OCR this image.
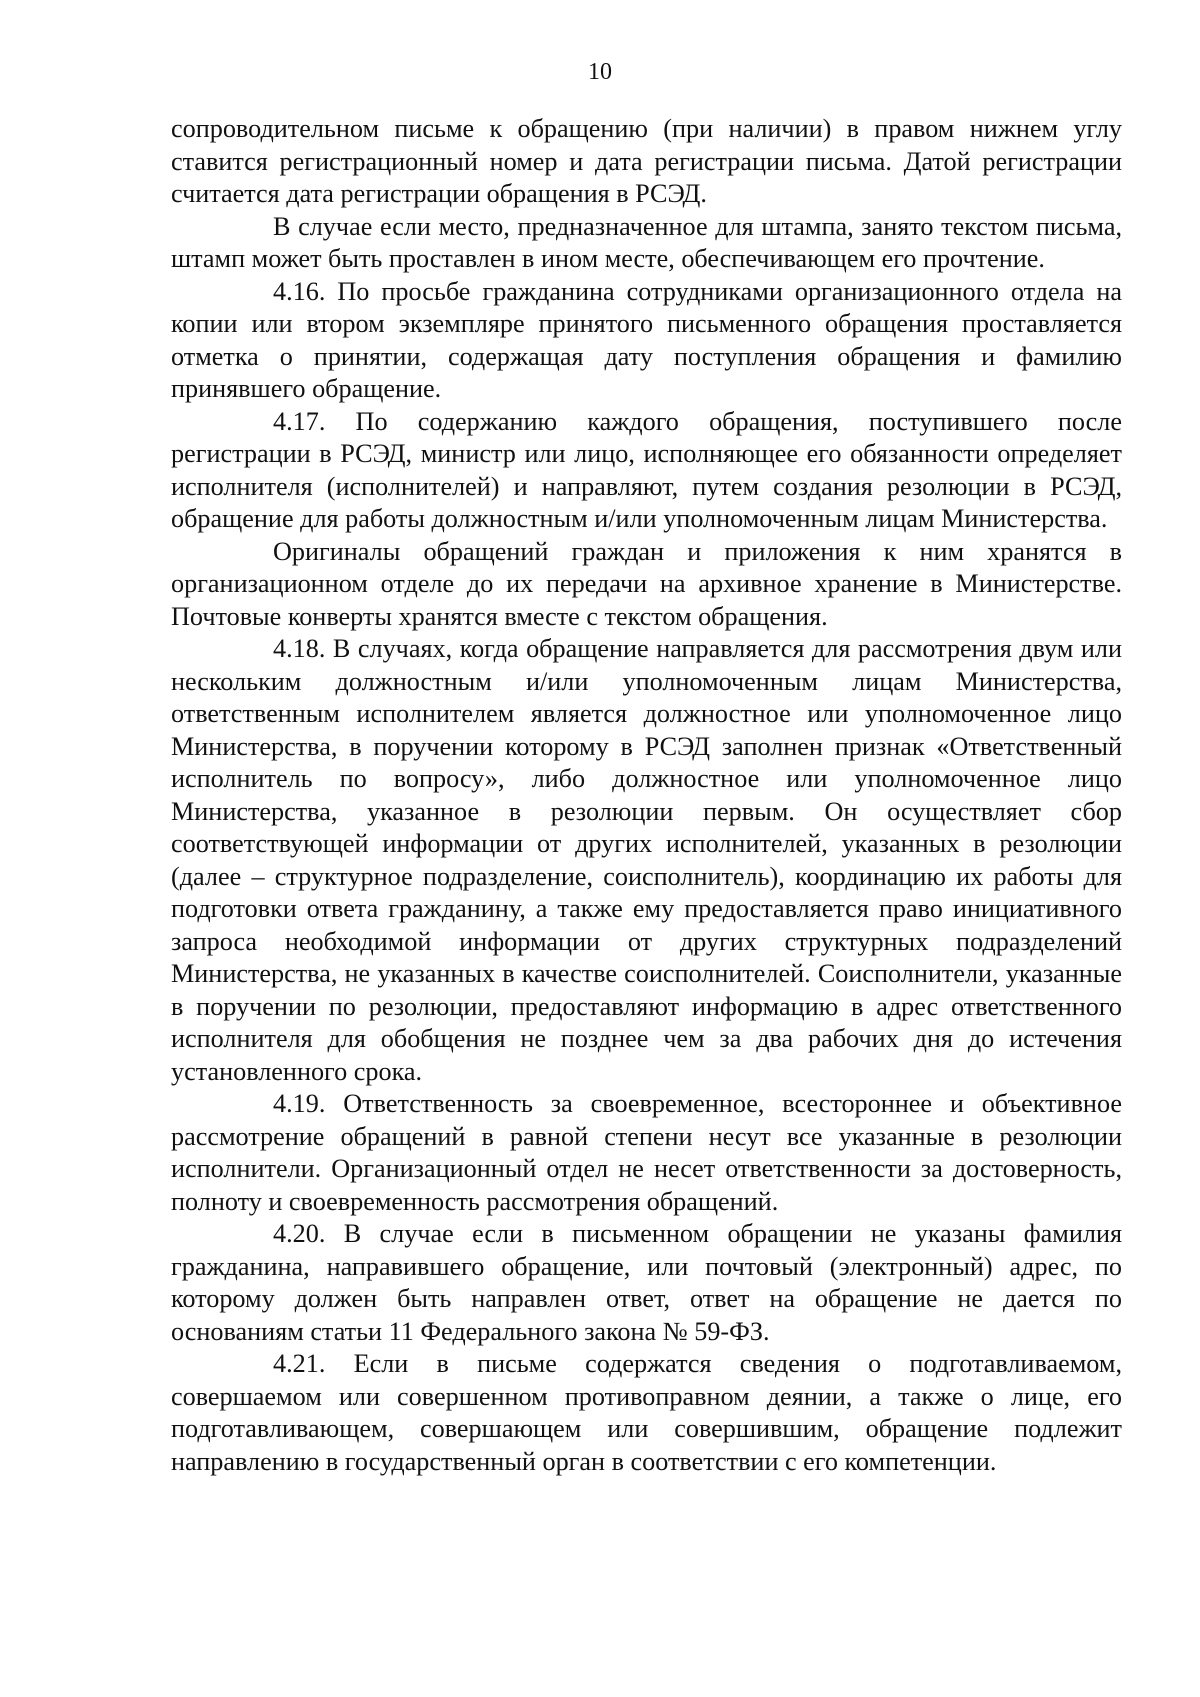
10

сопроводительном письме к обращению (при наличии) в правом нижнем углу ставится регистрационный номер и дата регистрации письма. Датой регистрации считается дата регистрации обращения в РСЭД.

В случае если место, предназначенное для штампа, занято текстом письма, штамп может быть проставлен в ином месте, обеспечивающем его прочтение.

4.16. По просьбе гражданина сотрудниками организационного отдела на копии или втором экземпляре принятого письменного обращения проставляется отметка о принятии, содержащая дату поступления обращения и фамилию принявшего обращение.

4.17. По содержанию каждого обращения, поступившего после регистрации в РСЭД, министр или лицо, исполняющее его обязанности определяет исполнителя (исполнителей) и направляют, путем создания резолюции в РСЭД, обращение для работы должностным и/или уполномоченным лицам Министерства.

Оригиналы обращений граждан и приложения к ним хранятся в организационном отделе до их передачи на архивное хранение в Министерстве. Почтовые конверты хранятся вместе с текстом обращения.

4.18. В случаях, когда обращение направляется для рассмотрения двум или нескольким должностным и/или уполномоченным лицам Министерства, ответственным исполнителем является должностное или уполномоченное лицо Министерства, в поручении которому в РСЭД заполнен признак «Ответственный исполнитель по вопросу», либо должностное или уполномоченное лицо Министерства, указанное в резолюции первым. Он осуществляет сбор соответствующей информации от других исполнителей, указанных в резолюции (далее – структурное подразделение, соисполнитель), координацию их работы для подготовки ответа гражданину, а также ему предоставляется право инициативного запроса необходимой информации от других структурных подразделений Министерства, не указанных в качестве соисполнителей. Соисполнители, указанные в поручении по резолюции, предоставляют информацию в адрес ответственного исполнителя для обобщения не позднее чем за два рабочих дня до истечения установленного срока.

4.19. Ответственность за своевременное, всестороннее и объективное рассмотрение обращений в равной степени несут все указанные в резолюции исполнители. Организационный отдел не несет ответственности за достоверность, полноту и своевременность рассмотрения обращений.

4.20. В случае если в письменном обращении не указаны фамилия гражданина, направившего обращение, или почтовый (электронный) адрес, по которому должен быть направлен ответ, ответ на обращение не дается по основаниям статьи 11 Федерального закона № 59-ФЗ.

4.21. Если в письме содержатся сведения о подготавливаемом, совершаемом или совершенном противоправном деянии, а также о лице, его подготавливающем, совершающем или совершившим, обращение подлежит направлению в государственный орган в соответствии с его компетенции.
